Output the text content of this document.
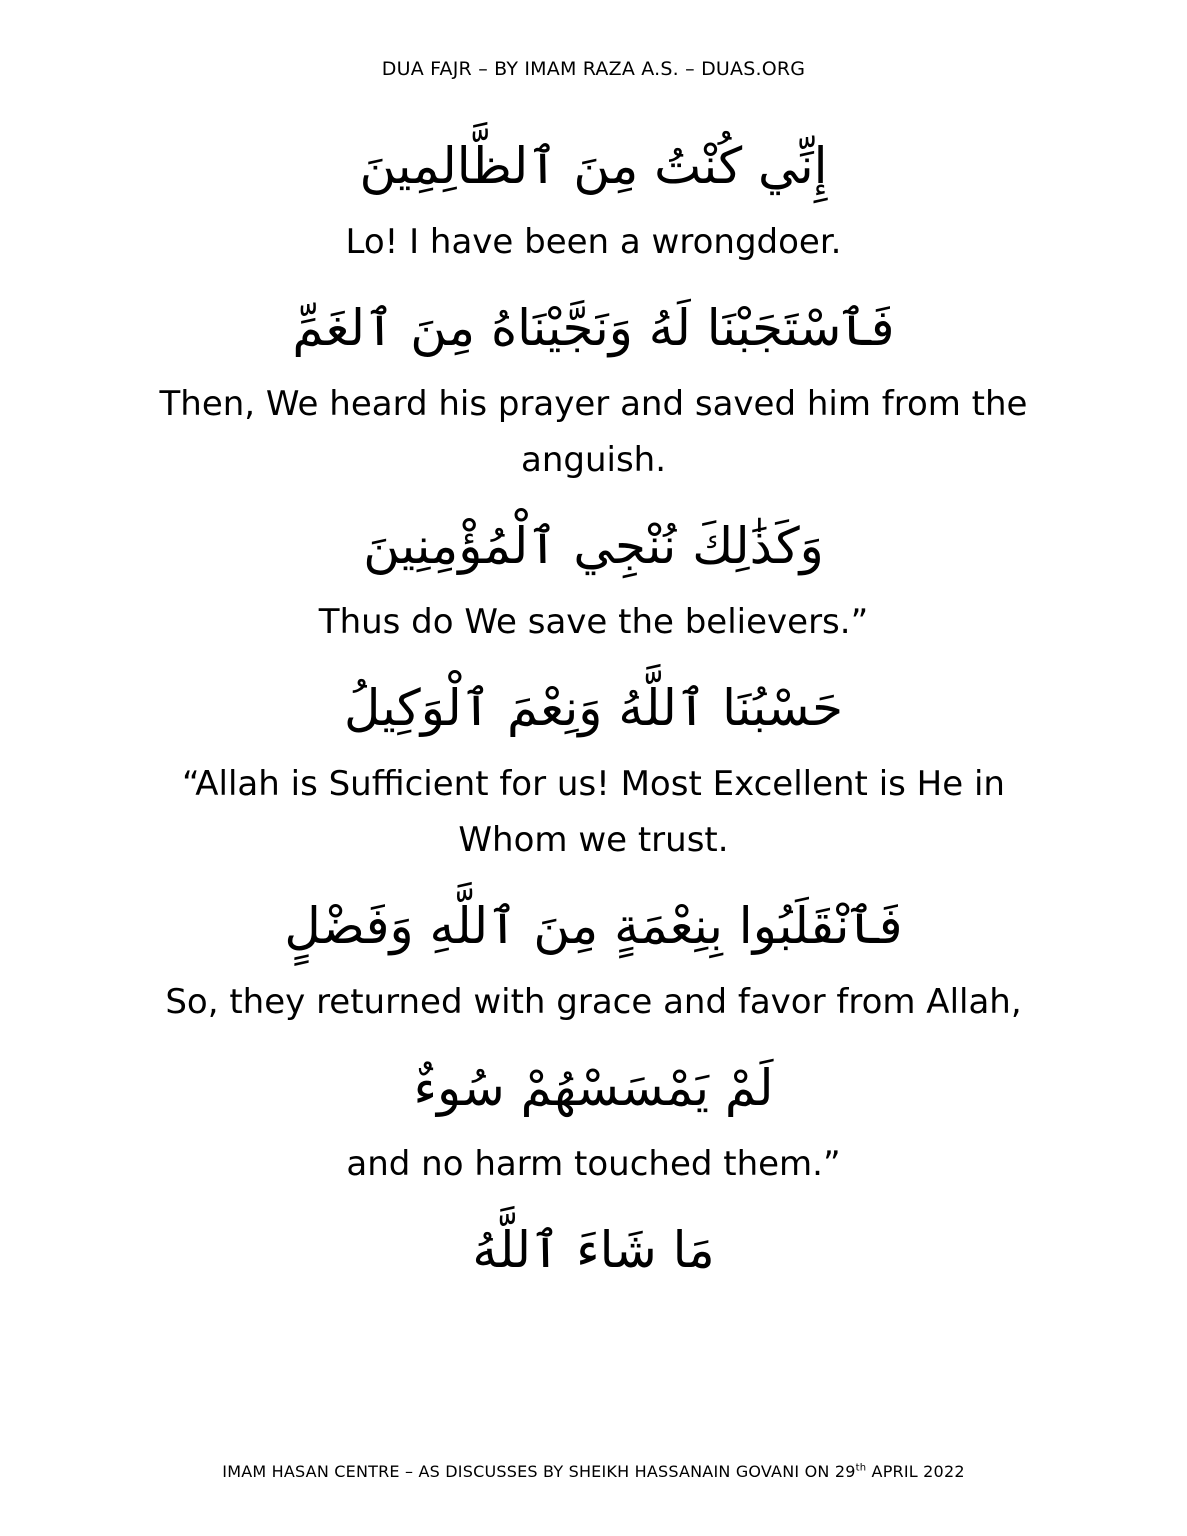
DUA FAJR – BY IMAM RAZA A.S. – DUAS.ORG
إِنِّي كُنْتُ مِنَ ٱلظَّالِمِينَ
Lo! I have been a wrongdoer.
فَٱسْتَجَبْنَا لَهُ وَنَجَّيْنَاهُ مِنَ ٱلغَمِّ
Then, We heard his prayer and saved him from the anguish.
وَكَذَٰلِكَ نُنْجِي ٱلْمُؤْمِنِينَ
Thus do We save the believers.”
حَسْبُنَا ٱللَّهُ وَنِعْمَ ٱلْوَكِيلُ
“Allah is Sufficient for us! Most Excellent is He in Whom we trust.
فَٱنْقَلَبُوا بِنِعْمَةٍ مِنَ ٱللَّهِ وَفَضْلٍ
So, they returned with grace and favor from Allah,
لَمْ يَمْسَسْهُمْ سُوءٌ
and no harm touched them.”
مَا شَاءَ ٱللَّهُ
IMAM HASAN CENTRE – AS DISCUSSES BY SHEIKH HASSANAIN GOVANI ON 29th APRIL 2022
